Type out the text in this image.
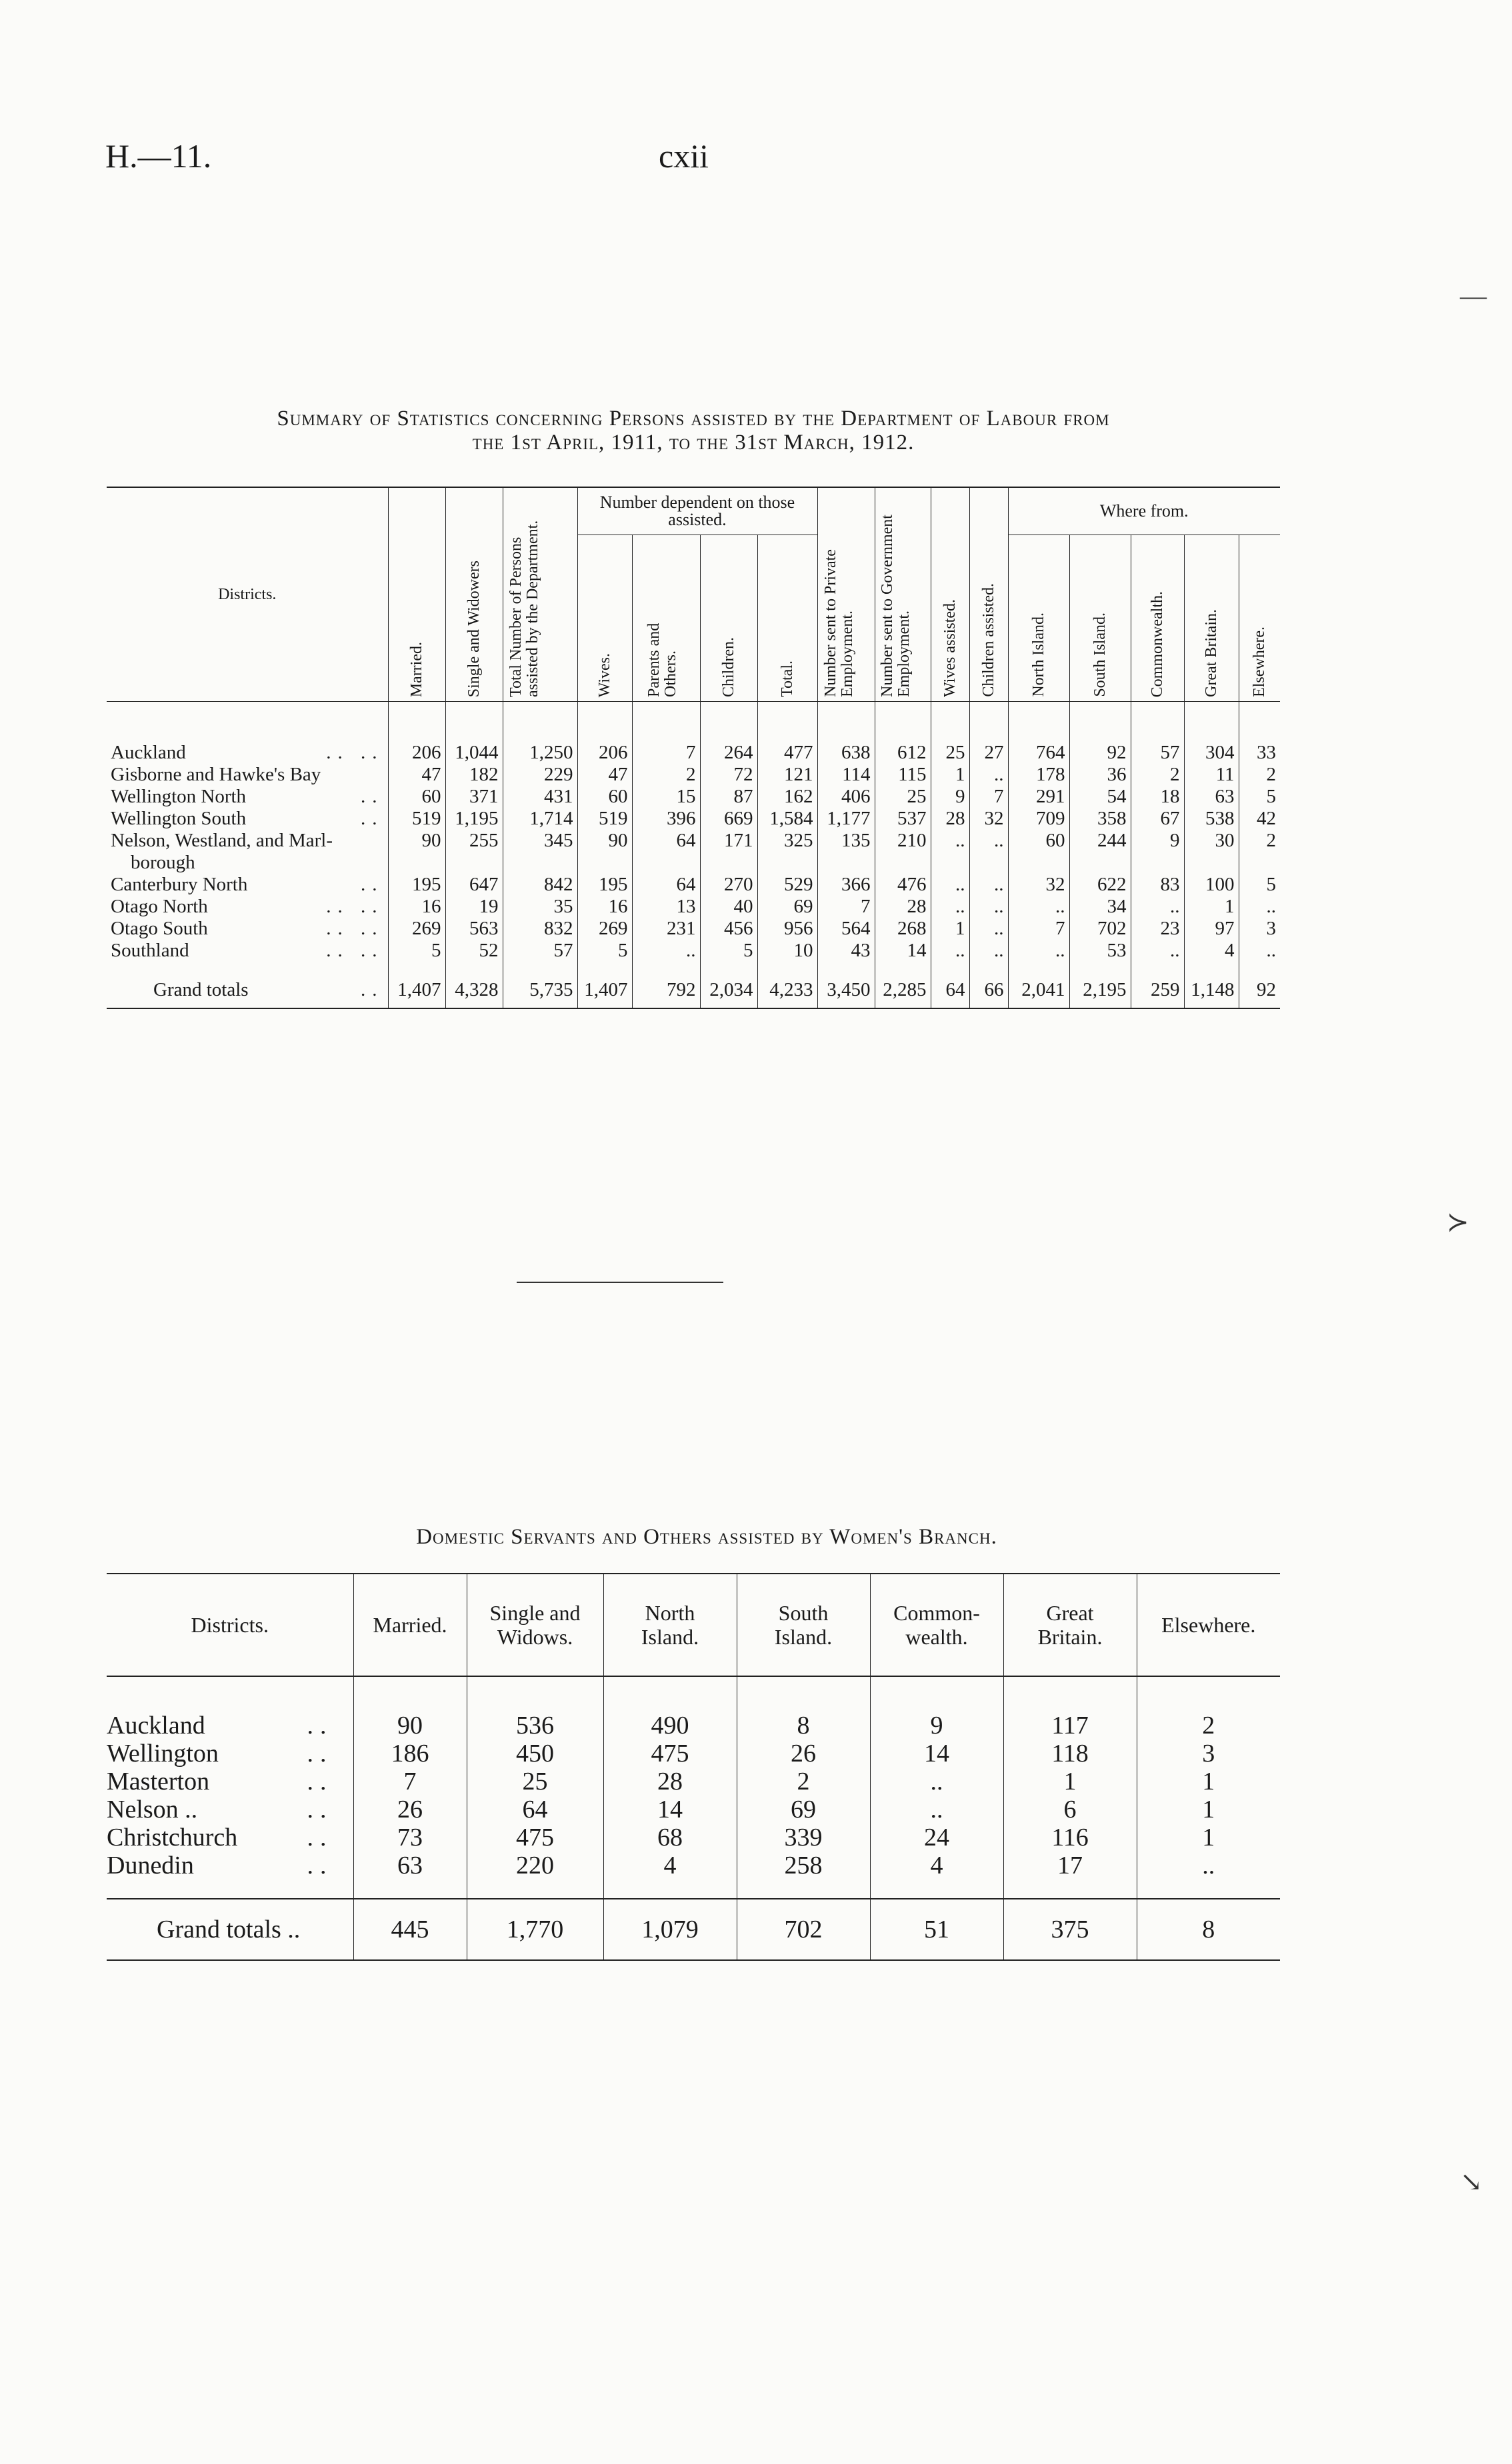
H.—11.	cxii
Summary of Statistics concerning Persons assisted by the Department of Labour from
the 1st April, 1911, to the 31st March, 1912.
Districts.	Married.	Single and Widowers	Total Number of Persons assisted by the Department.	Number dependent on those assisted.				Number sent to Private Employment.	Number sent to Government Employment.	Wives assisted.	Children assisted.	Where from.				
				Wives.	Parents and Others.	Children.	Total.					North Island.	South Island.	Commonwealth.	Great Britain.	Elsewhere.
Auckland .. ..	206	1,044	1,250	206	7	264	477	638	612	25	27	764	92	57	304	33
Gisborne and Hawke's Bay	47	182	229	47	2	72	121	114	115	1	..	178	36	2	11	2
Wellington North ..	60	371	431	60	15	87	162	406	25	9	7	291	54	18	63	5
Wellington South ..	519	1,195	1,714	519	396	669	1,584	1,177	537	28	32	709	358	67	538	42
Nelson, Westland, and Marl-
borough	90	255	345	90	64	171	325	135	210	..	..	60	244	9	30	2
Canterbury North ..	195	647	842	195	64	270	529	366	476	..	..	32	622	83	100	5
Otago North .. ..	16	19	35	16	13	40	69	7	28	..	..	..	34	..	1	..
Otago South .. ..	269	563	832	269	231	456	956	564	268	1	..	7	702	23	97	3
Southland .. ..	5	52	57	5	..	5	10	43	14	..	..	..	53	..	4	..
Grand totals ..	1,407	4,328	5,735	1,407	792	2,034	4,233	3,450	2,285	64	66	2,041	2,195	259	1,148	92
Domestic Servants and Others assisted by Women's Branch.
Districts.	Married.	Single and Widows.	North Island.	South Island.	Common-wealth.	Great Britain.	Elsewhere.
Auckland ..	90	536	490	8	9	117	2
Wellington ..	186	450	475	26	14	118	3
Masterton ..	7	25	28	2	..	1	1
Nelson .. ..	26	64	14	69	..	6	1
Christchurch ..	73	475	68	339	24	116	1
Dunedin ..	63	220	4	258	4	17	..
Grand totals ..	445	1,770	1,079	702	51	375	8
—
≻
↘
